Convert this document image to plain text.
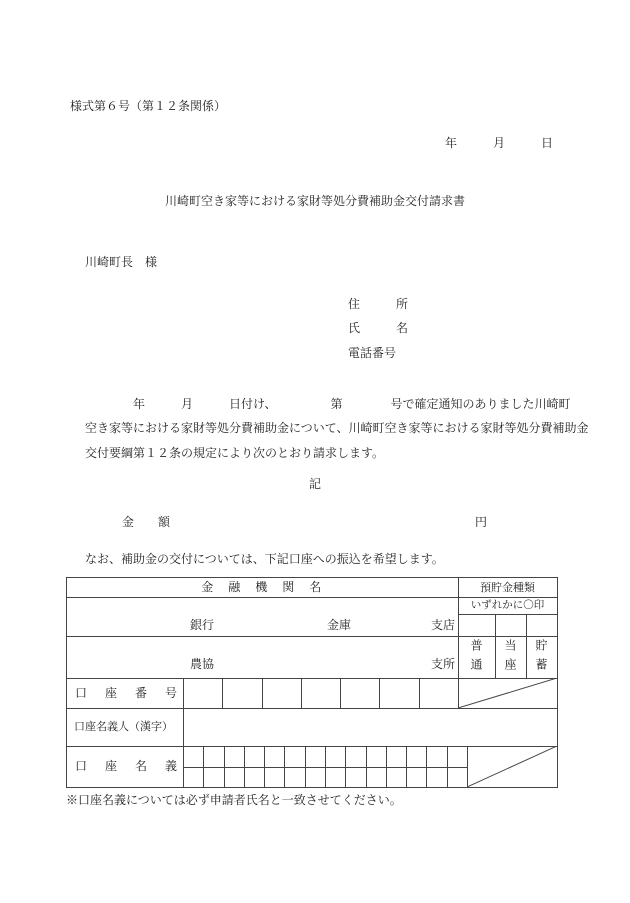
様式第６号（第１２条関係）
年　　　月　　　日
川崎町空き家等における家財等処分費補助金交付請求書
川崎町長　様
住　　　所
氏　　　名
電話番号
　　　　年　　　月　　　日付け、　　　　　第　　　　号で確定通知のありました川崎町
空き家等における家財等処分費補助金について、川崎町空き家等における家財等処分費補助金
交付要綱第１２条の規定により次のとおり請求します。
記
金　　額	円
なお、補助金の交付については、下記口座への振込を希望します。
金　融　機　関　名	預貯金種類
いずれかに〇印
銀行	金庫	支店
農協	支所	普通	当座	貯蓄
口　座　番　号
口座名義人（漢字）
口　座　名　義
※口座名義については必ず申請者氏名と一致させてください。
